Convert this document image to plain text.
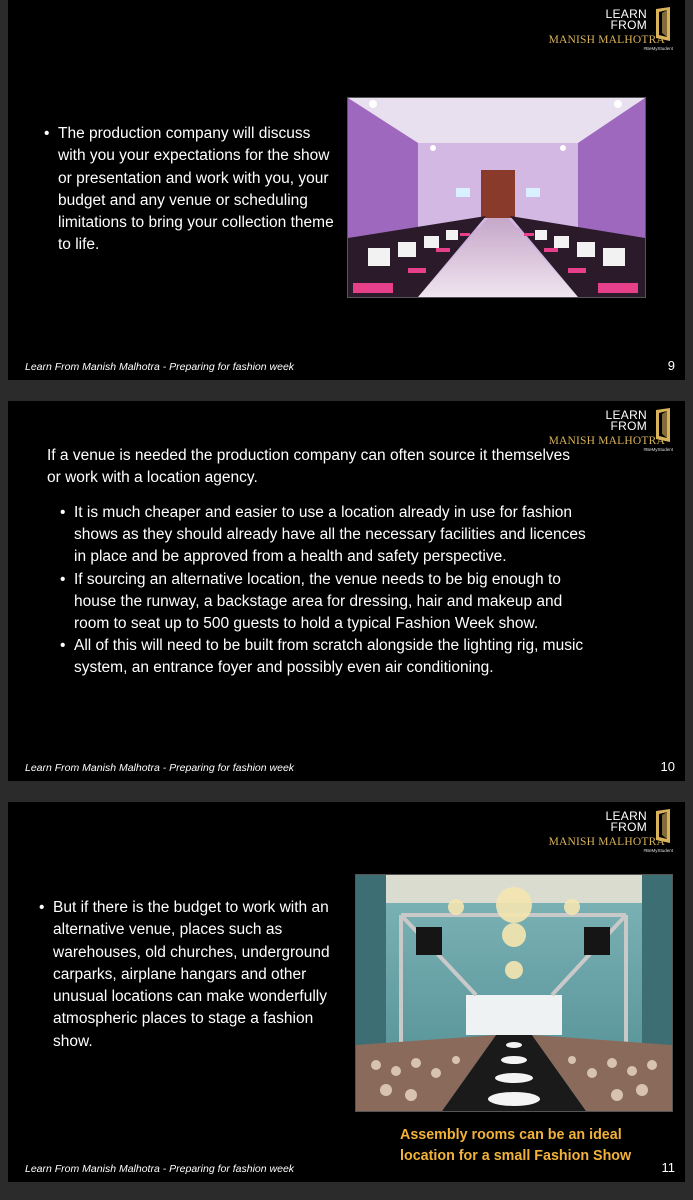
LEARN
FROM
MANISH MALHOTRA
#BeMyStudent
• The production company will discuss with you your expectations for the show or presentation and work with you, your budget and any venue or scheduling limitations to bring your collection theme to life.
Learn From Manish Malhotra - Preparing for fashion week	9
LEARN
FROM
MANISH MALHOTRA
#BeMyStudent
If a venue is needed the production company can often source it themselves or work with a location agency.
• It is much cheaper and easier to use a location already in use for fashion shows as they should already have all the necessary facilities and licences in place and be approved from a health and safety perspective.
• If sourcing an alternative location, the venue needs to be big enough to house the runway, a backstage area for dressing, hair and makeup and room to seat up to 500 guests to hold a typical Fashion Week show.
• All of this will need to be built from scratch alongside the lighting rig, music system, an entrance foyer and possibly even air conditioning.
Learn From Manish Malhotra - Preparing for fashion week	10
LEARN
FROM
MANISH MALHOTRA
#BeMyStudent
• But if there is the budget to work with an alternative venue, places such as warehouses, old churches, underground carparks, airplane hangars and other unusual locations can make wonderfully atmospheric places to stage a fashion show.
Assembly rooms can be an ideal location for a small Fashion Show
Learn From Manish Malhotra - Preparing for fashion week	11
